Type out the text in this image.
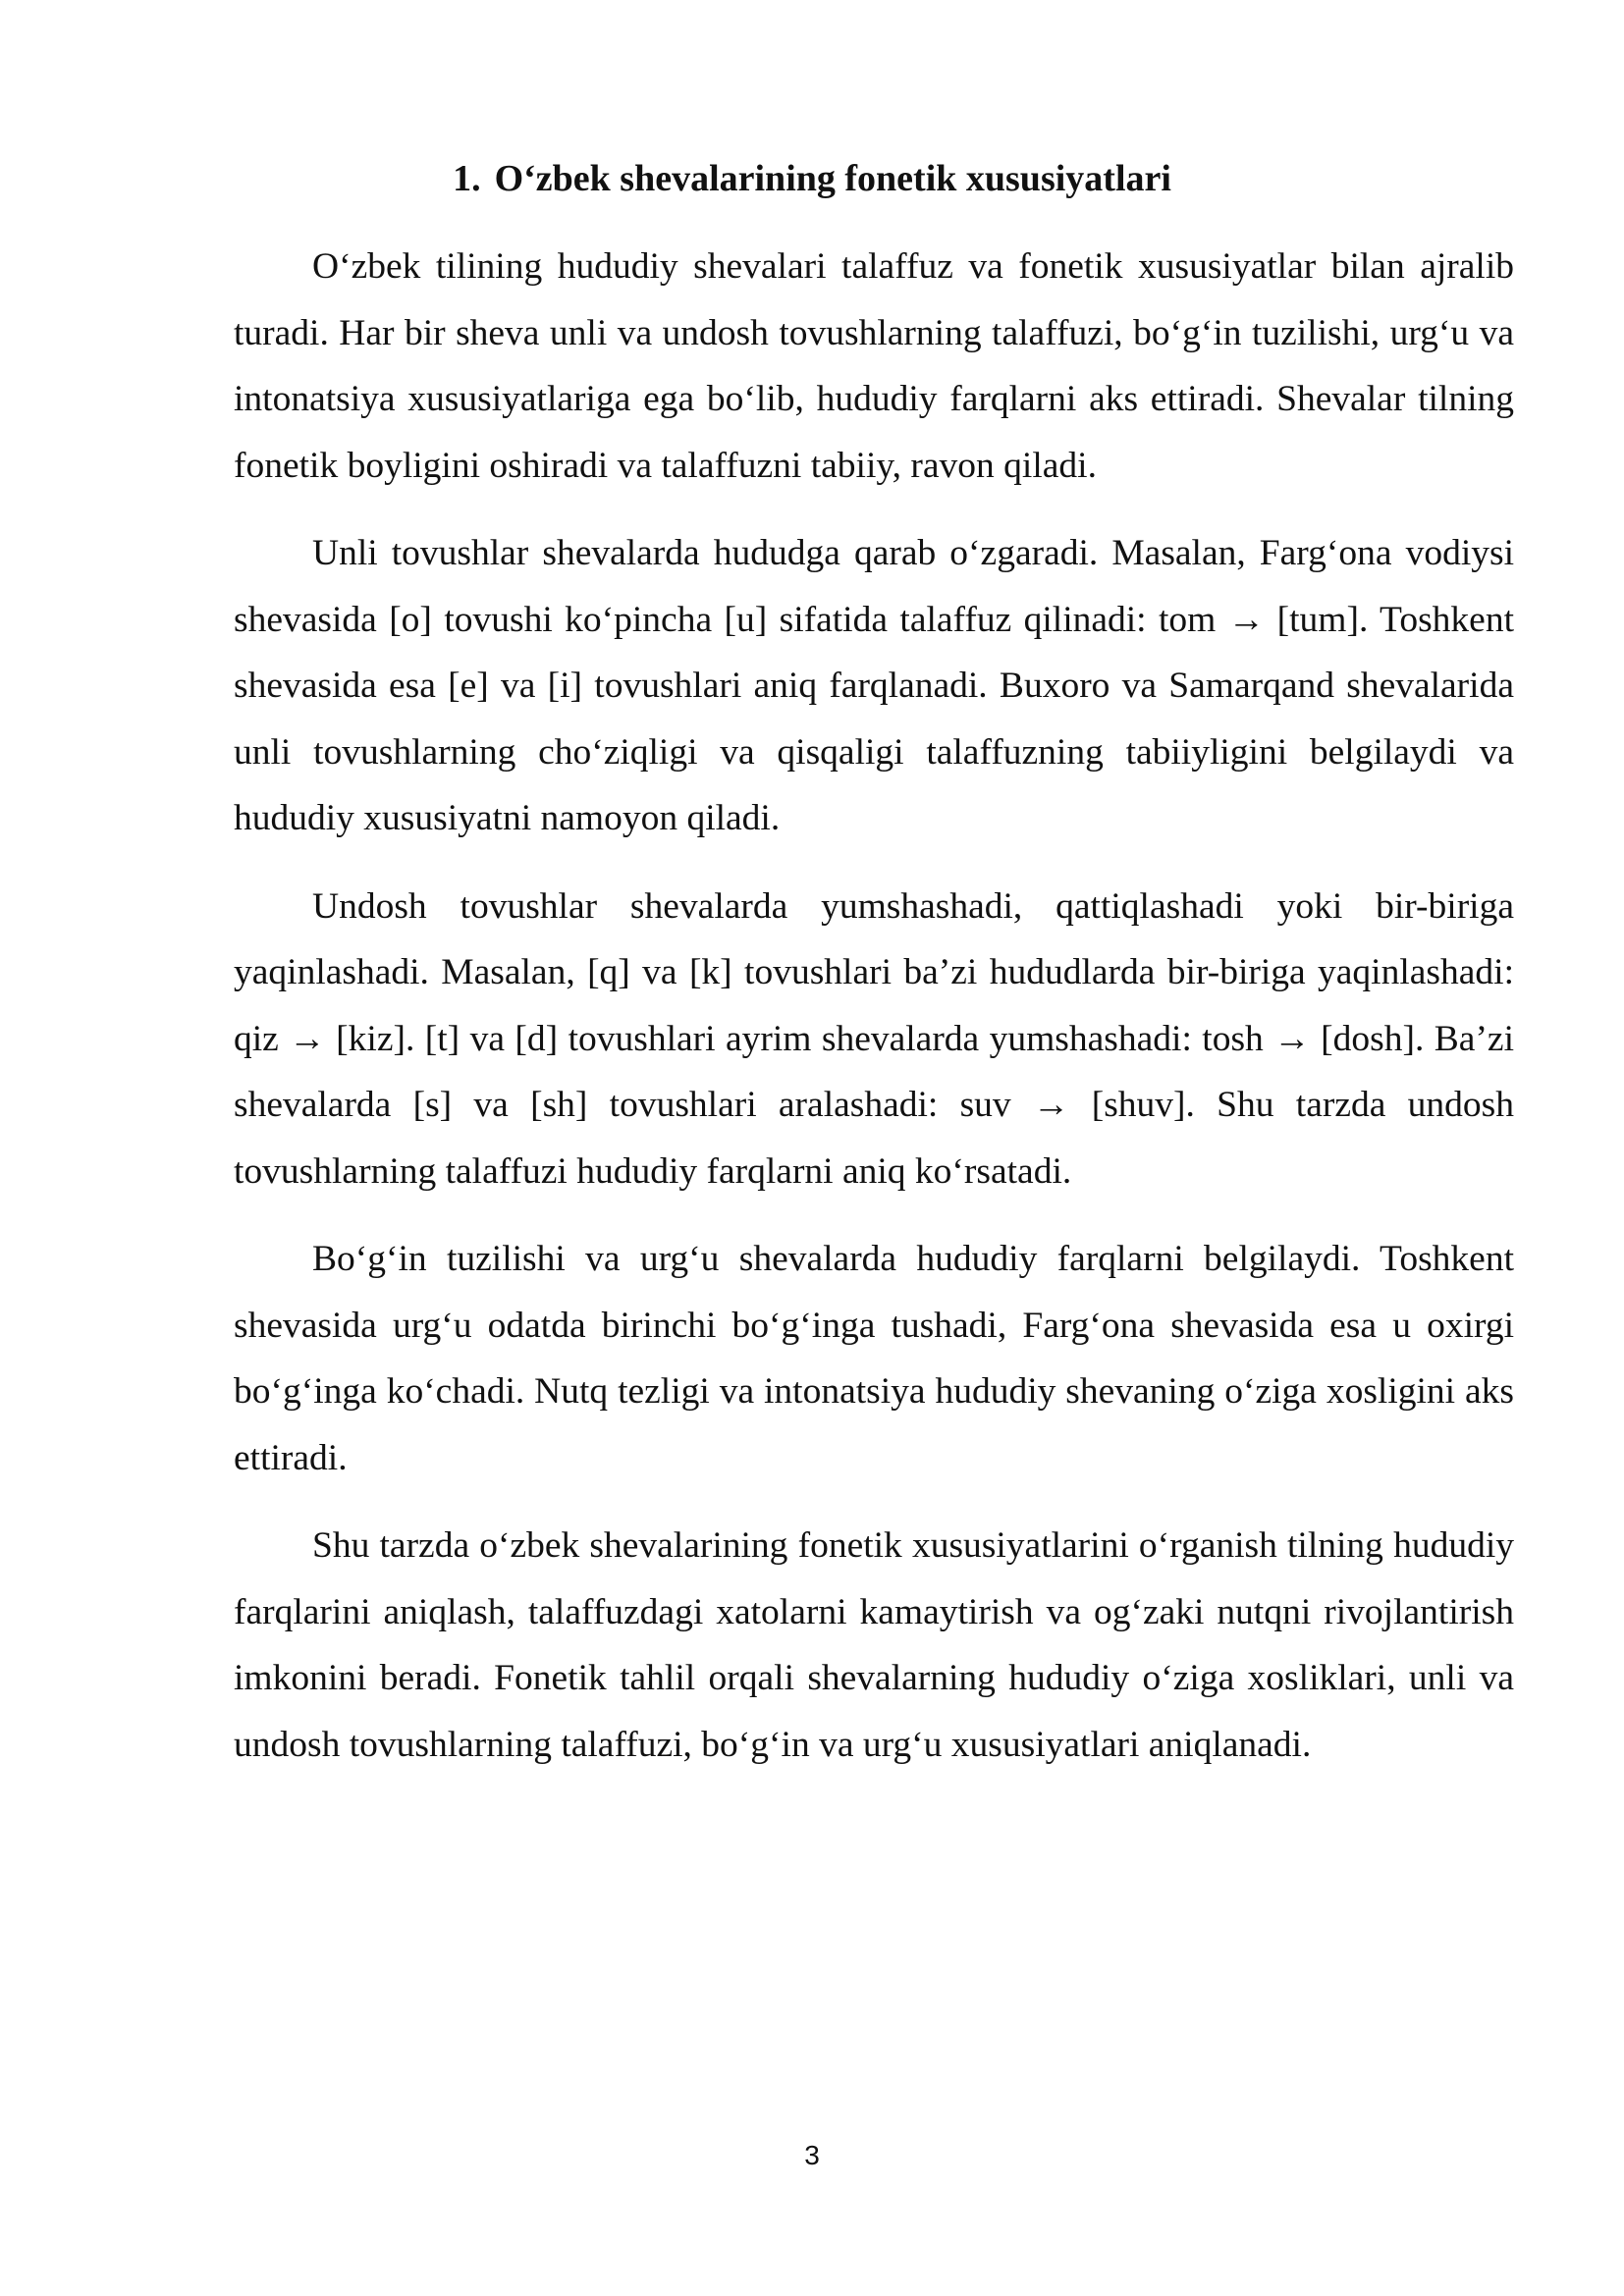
1. O‘zbek shevalarining fonetik xususiyatlari

O‘zbek tilining hududiy shevalari talaffuz va fonetik xususiyatlar bilan ajralib turadi. Har bir sheva unli va undosh tovushlarning talaffuzi, bo‘g‘in tuzilishi, urg‘u va intonatsiya xususiyatlariga ega bo‘lib, hududiy farqlarni aks ettiradi. Shevalar tilning fonetik boyligini oshiradi va talaffuzni tabiiy, ravon qiladi.

Unli tovushlar shevalarda hududga qarab o‘zgaradi. Masalan, Farg‘ona vodiysi shevasida [o] tovushi ko‘pincha [u] sifatida talaffuz qilinadi: tom → [tum]. Toshkent shevasida esa [e] va [i] tovushlari aniq farqlanadi. Buxoro va Samarqand shevalarida unli tovushlarning cho‘ziqligi va qisqaligi talaffuzning tabiiyligini belgilaydi va hududiy xususiyatni namoyon qiladi.

Undosh tovushlar shevalarda yumshashadi, qattiqlashadi yoki bir-biriga yaqinlashadi. Masalan, [q] va [k] tovushlari ba’zi hududlarda bir-biriga yaqinlashadi: qiz → [kiz]. [t] va [d] tovushlari ayrim shevalarda yumshashadi: tosh → [dosh]. Ba’zi shevalarda [s] va [sh] tovushlari aralashadi: suv → [shuv]. Shu tarzda undosh tovushlarning talaffuzi hududiy farqlarni aniq ko‘rsatadi.

Bo‘g‘in tuzilishi va urg‘u shevalarda hududiy farqlarni belgilaydi. Toshkent shevasida urg‘u odatda birinchi bo‘g‘inga tushadi, Farg‘ona shevasida esa u oxirgi bo‘g‘inga ko‘chadi. Nutq tezligi va intonatsiya hududiy shevaning o‘ziga xosligini aks ettiradi.

Shu tarzda o‘zbek shevalarining fonetik xususiyatlarini o‘rganish tilning hududiy farqlarini aniqlash, talaffuzdagi xatolarni kamaytirish va og‘zaki nutqni rivojlantirish imkonini beradi. Fonetik tahlil orqali shevalarning hududiy o‘ziga xosliklari, unli va undosh tovushlarning talaffuzi, bo‘g‘in va urg‘u xususiyatlari aniqlanadi.

3
